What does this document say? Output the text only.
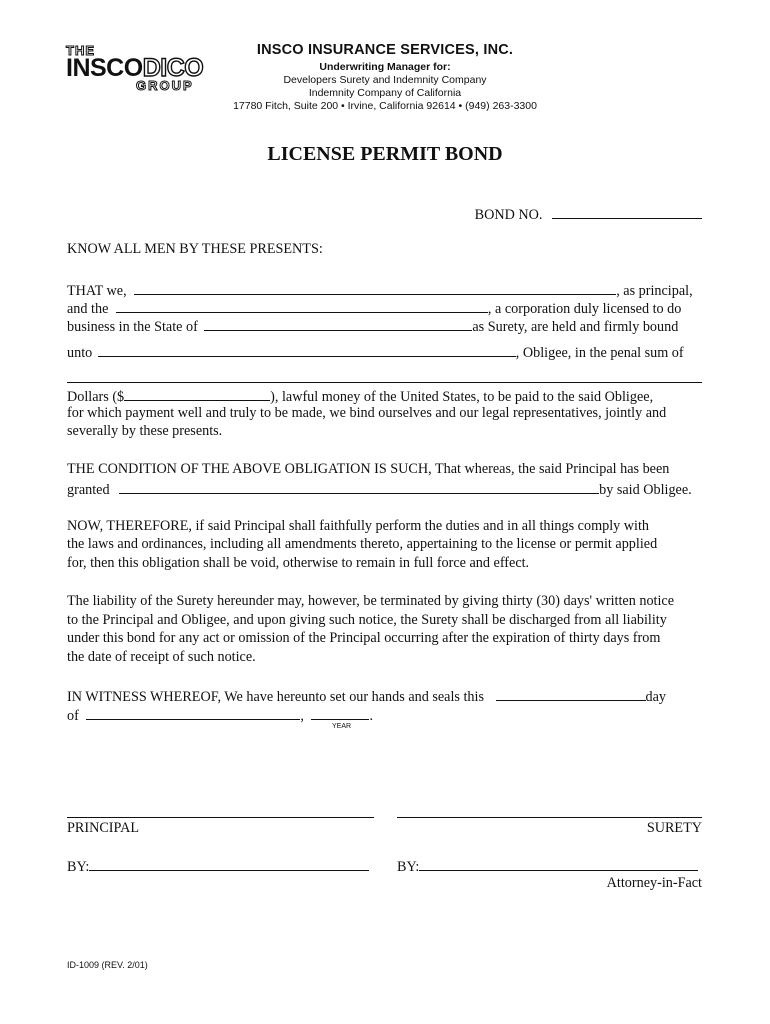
THE
INSCODICO
GROUP
INSCO INSURANCE SERVICES, INC.
Underwriting Manager for:
Developers Surety and Indemnity Company
Indemnity Company of California
17780 Fitch, Suite 200 • Irvine, California 92614 • (949) 263-3300
LICENSE PERMIT BOND
BOND NO.
KNOW ALL MEN BY THESE PRESENTS:
THAT we,	, as principal,
and the	, a corporation duly licensed to do
business in the State of	as Surety, are held and firmly bound
unto	, Obligee, in the penal sum of
Dollars ($	), lawful money of the United States, to be paid to the said Obligee,
for which payment well and truly to be made, we bind ourselves and our legal representatives, jointly and
severally by these presents.
THE CONDITION OF THE ABOVE OBLIGATION IS SUCH, That whereas, the said Principal has been
granted	by said Obligee.
NOW, THEREFORE, if said Principal shall faithfully perform the duties and in all things comply with
the laws and ordinances, including all amendments thereto, appertaining to the license or permit applied
for, then this obligation shall be void, otherwise to remain in full force and effect.
The liability of the Surety hereunder may, however, be terminated by giving thirty (30) days' written notice
to the Principal and Obligee, and upon giving such notice, the Surety shall be discharged from all liability
under this bond for any act or omission of the Principal occurring after the expiration of thirty days from
the date of receipt of such notice.
IN WITNESS WHEREOF, We have hereunto set our hands and seals this	day
of	,	.
YEAR
PRINCIPAL	SURETY
BY:	BY:
Attorney-in-Fact
ID-1009 (REV. 2/01)
